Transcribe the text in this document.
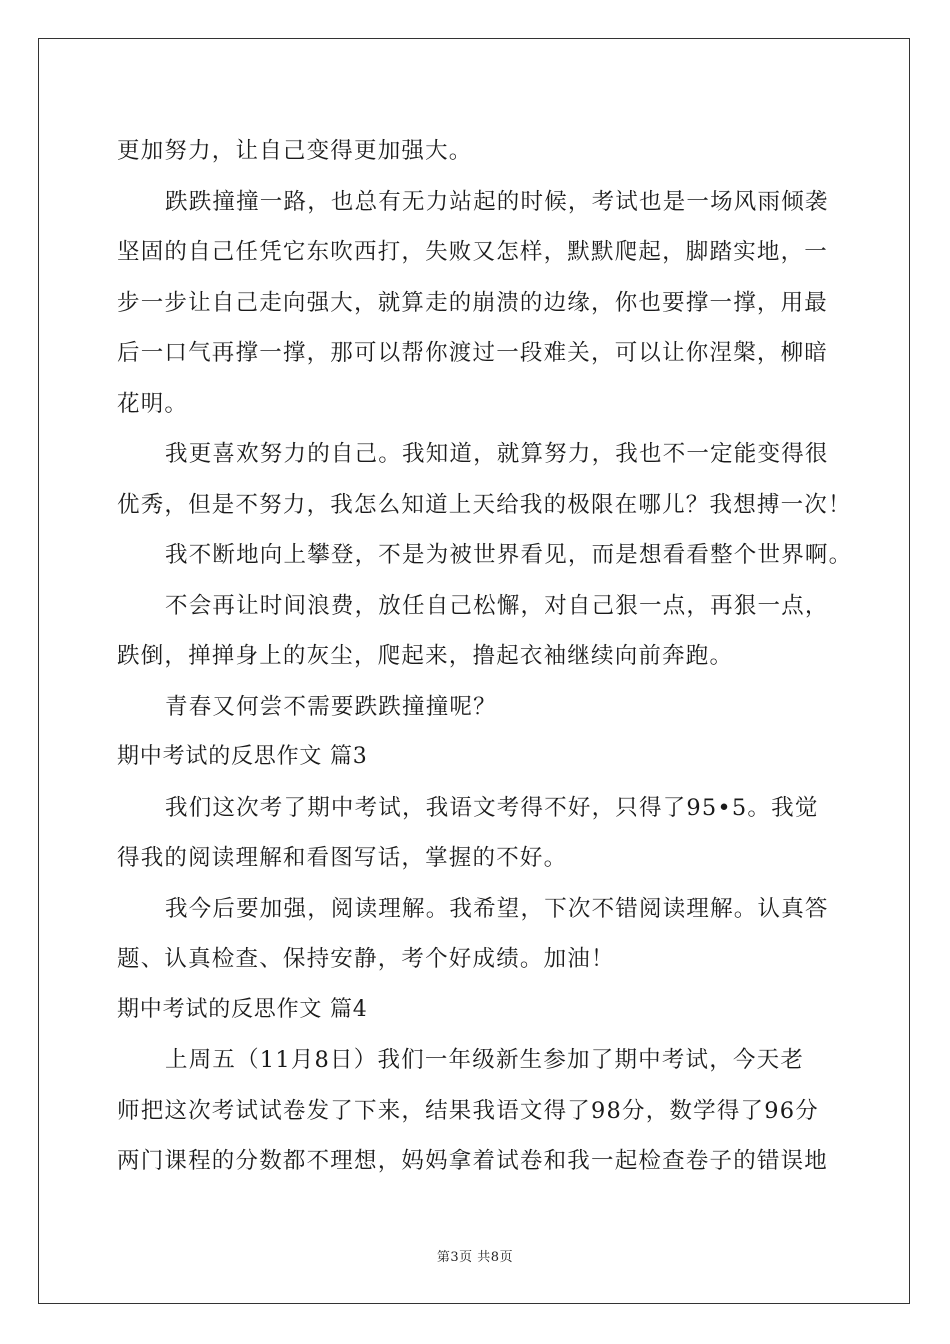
更加努力，让自己变得更加强大。

跌跌撞撞一路，也总有无力站起的时候，考试也是一场风雨倾袭

坚固的自己任凭它东吹西打，失败又怎样，默默爬起，脚踏实地，一

步一步让自己走向强大，就算走的崩溃的边缘，你也要撑一撑，用最

后一口气再撑一撑，那可以帮你渡过一段难关，可以让你涅槃，柳暗

花明。

我更喜欢努力的自己。我知道，就算努力，我也不一定能变得很

优秀，但是不努力，我怎么知道上天给我的极限在哪儿？我想搏一次！

我不断地向上攀登，不是为被世界看见，而是想看看整个世界啊。

不会再让时间浪费，放任自己松懈，对自己狠一点，再狠一点，

跌倒，掸掸身上的灰尘，爬起来，撸起衣袖继续向前奔跑。

青春又何尝不需要跌跌撞撞呢？

期中考试的反思作文 篇3

我们这次考了期中考试，我语文考得不好，只得了95•5。我觉

得我的阅读理解和看图写话，掌握的不好。

我今后要加强，阅读理解。我希望，下次不错阅读理解。认真答

题、认真检查、保持安静，考个好成绩。加油！

期中考试的反思作文 篇4

上周五（11月8日）我们一年级新生参加了期中考试，今天老

师把这次考试试卷发了下来，结果我语文得了98分，数学得了96分

两门课程的分数都不理想，妈妈拿着试卷和我一起检查卷子的错误地

第3页 共8页
